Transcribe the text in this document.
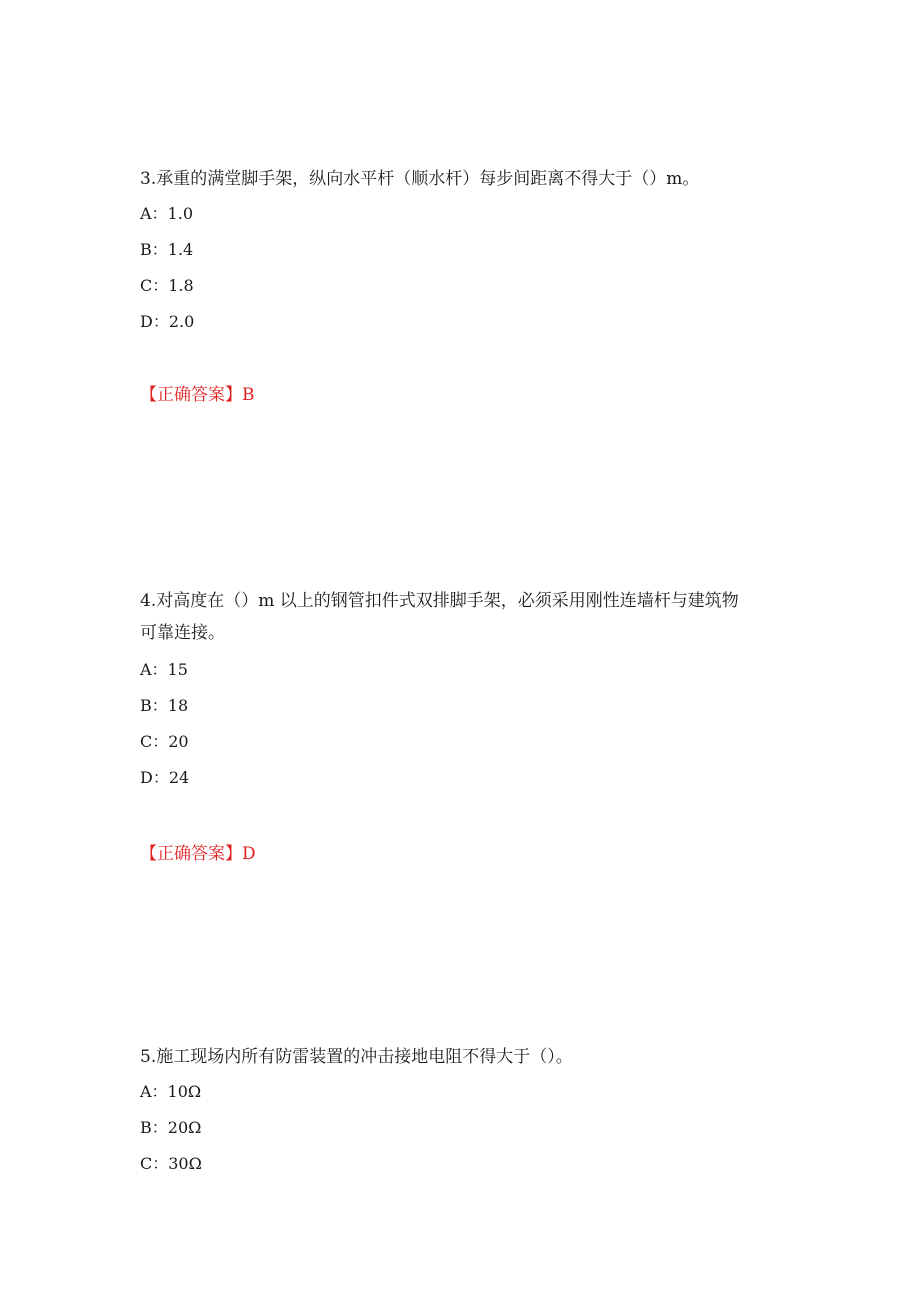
3.承重的满堂脚手架，纵向水平杆（顺水杆）每步间距离不得大于（）m。

A：1.0

B：1.4

C：1.8

D：2.0

【正确答案】B

4.对高度在（）m 以上的钢管扣件式双排脚手架，必须采用刚性连墙杆与建筑物

可靠连接。

A：15

B：18

C：20

D：24

【正确答案】D

5.施工现场内所有防雷装置的冲击接地电阻不得大于（）。

A：10Ω

B：20Ω

C：30Ω
